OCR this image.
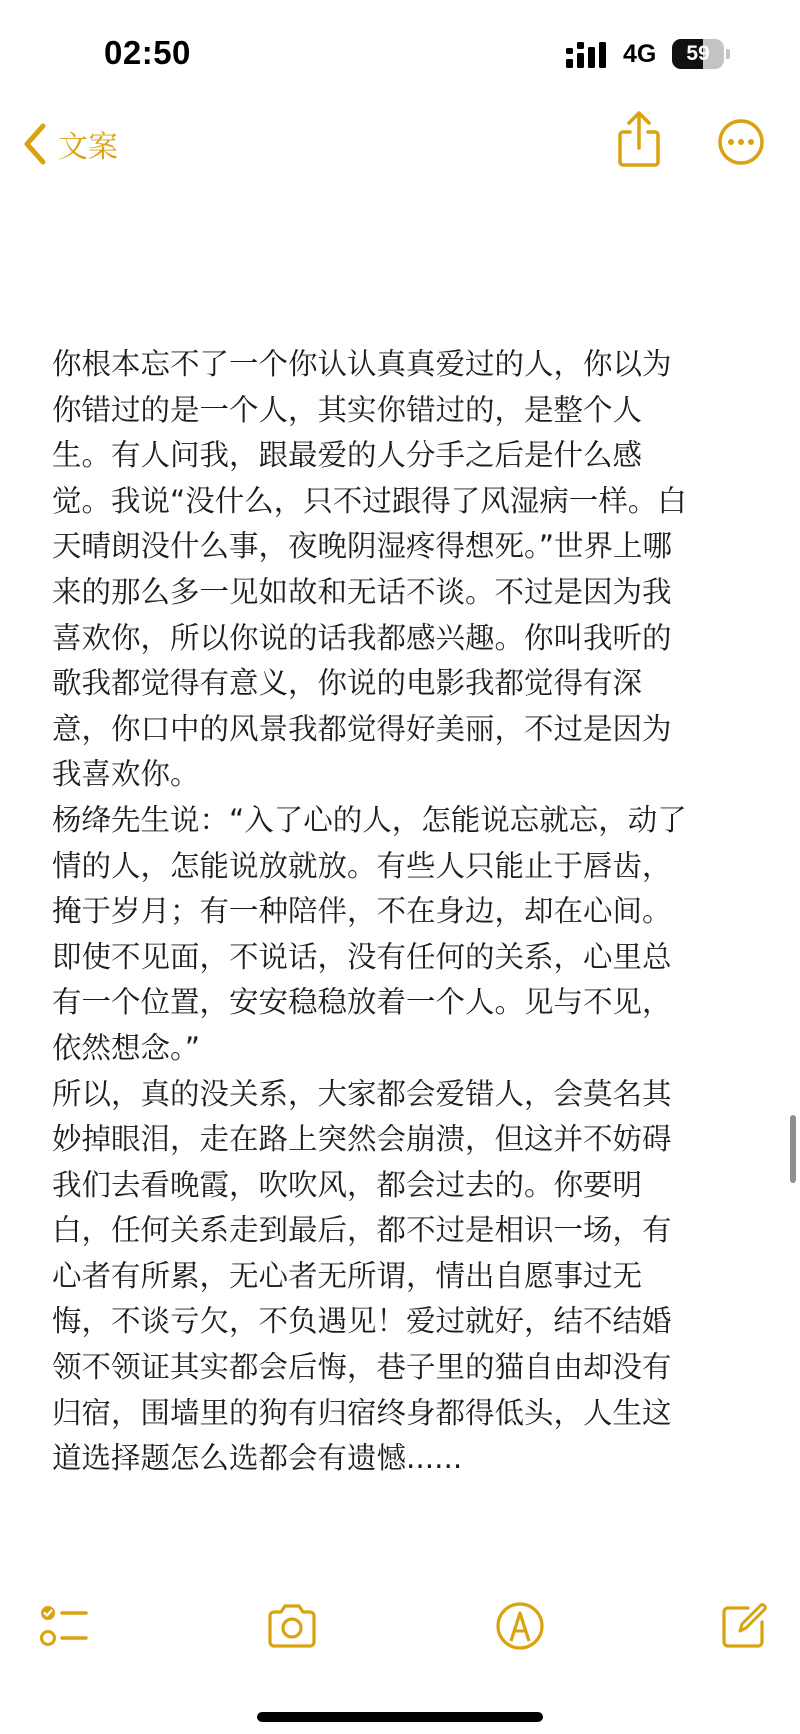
02:50	4G	59
文案
你根本忘不了一个你认认真真爱过的人，你以为
你错过的是一个人，其实你错过的，是整个人
生。有人问我，跟最爱的人分手之后是什么感
觉。我说“没什么，只不过跟得了风湿病一样。白
天晴朗没什么事，夜晚阴湿疼得想死。”世界上哪
来的那么多一见如故和无话不谈。不过是因为我
喜欢你，所以你说的话我都感兴趣。你叫我听的
歌我都觉得有意义，你说的电影我都觉得有深
意，你口中的风景我都觉得好美丽，不过是因为
我喜欢你。
杨绛先生说：“入了心的人，怎能说忘就忘，动了
情的人，怎能说放就放。有些人只能止于唇齿，
掩于岁月；有一种陪伴，不在身边，却在心间。
即使不见面，不说话，没有任何的关系，心里总
有一个位置，安安稳稳放着一个人。见与不见，
依然想念。”
所以，真的没关系，大家都会爱错人，会莫名其
妙掉眼泪，走在路上突然会崩溃，但这并不妨碍
我们去看晚霞，吹吹风，都会过去的。你要明
白，任何关系走到最后，都不过是相识一场，有
心者有所累，无心者无所谓，情出自愿事过无
悔，不谈亏欠，不负遇见！爱过就好，结不结婚
领不领证其实都会后悔，巷子里的猫自由却没有
归宿，围墙里的狗有归宿终身都得低头，人生这
道选择题怎么选都会有遗憾......
